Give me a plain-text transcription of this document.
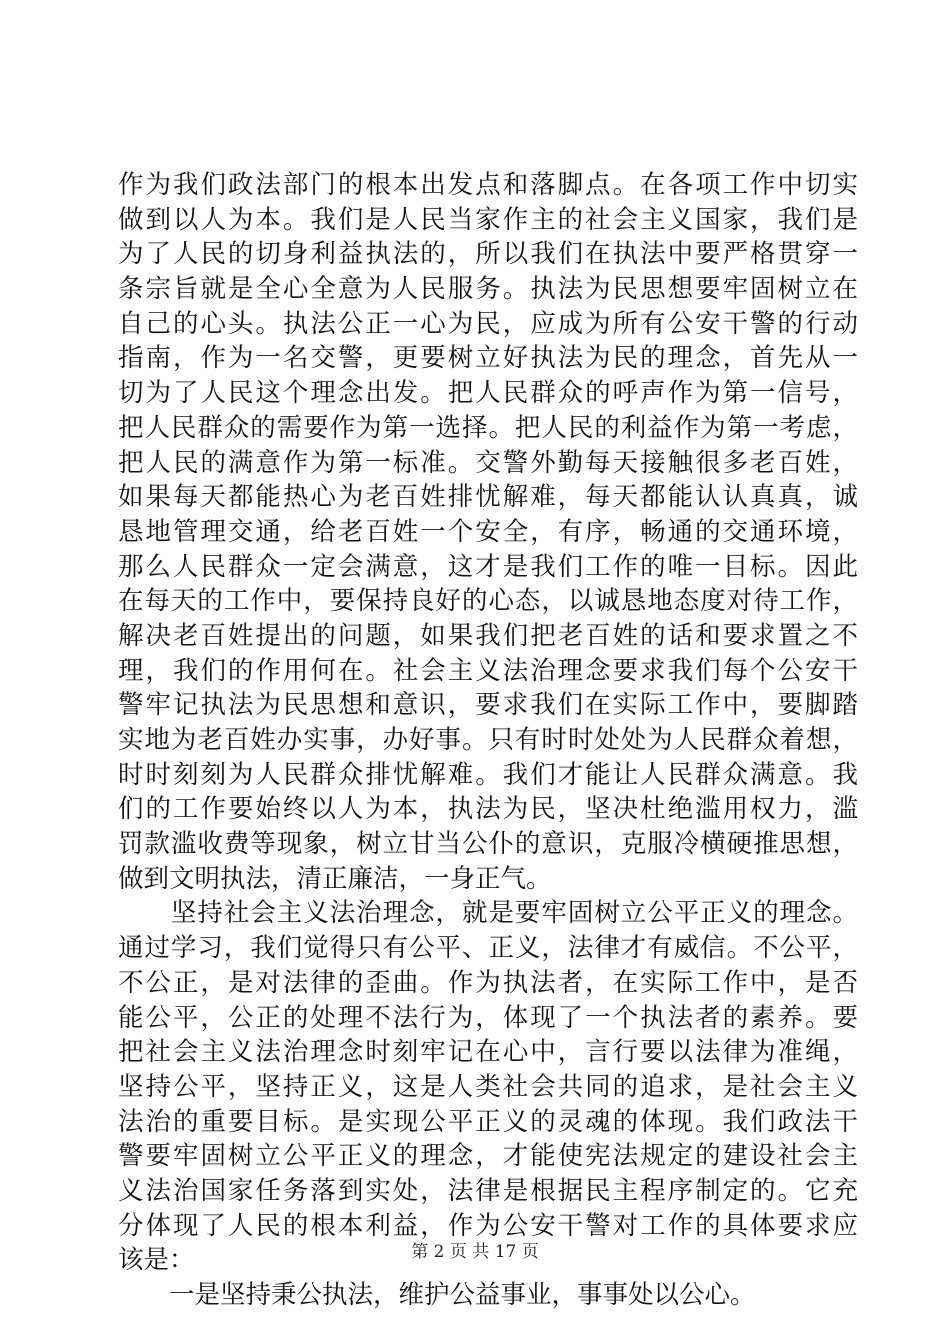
作为我们政法部门的根本出发点和落脚点。在各项工作中切实
做到以人为本。我们是人民当家作主的社会主义国家，我们是
为了人民的切身利益执法的，所以我们在执法中要严格贯穿一
条宗旨就是全心全意为人民服务。执法为民思想要牢固树立在
自己的心头。执法公正一心为民，应成为所有公安干警的行动
指南，作为一名交警，更要树立好执法为民的理念，首先从一
切为了人民这个理念出发。把人民群众的呼声作为第一信号，
把人民群众的需要作为第一选择。把人民的利益作为第一考虑，
把人民的满意作为第一标准。交警外勤每天接触很多老百姓，
如果每天都能热心为老百姓排忧解难，每天都能认认真真，诚
恳地管理交通，给老百姓一个安全，有序，畅通的交通环境，
那么人民群众一定会满意，这才是我们工作的唯一目标。因此
在每天的工作中，要保持良好的心态，以诚恳地态度对待工作，
解决老百姓提出的问题，如果我们把老百姓的话和要求置之不
理，我们的作用何在。社会主义法治理念要求我们每个公安干
警牢记执法为民思想和意识，要求我们在实际工作中，要脚踏
实地为老百姓办实事，办好事。只有时时处处为人民群众着想，
时时刻刻为人民群众排忧解难。我们才能让人民群众满意。我
们的工作要始终以人为本，执法为民，坚决杜绝滥用权力，滥
罚款滥收费等现象，树立甘当公仆的意识，克服冷横硬推思想，
做到文明执法，清正廉洁，一身正气。
　　坚持社会主义法治理念，就是要牢固树立公平正义的理念。
通过学习，我们觉得只有公平、正义，法律才有威信。不公平，
不公正，是对法律的歪曲。作为执法者，在实际工作中，是否
能公平，公正的处理不法行为，体现了一个执法者的素养。要
把社会主义法治理念时刻牢记在心中，言行要以法律为准绳，
坚持公平，坚持正义，这是人类社会共同的追求，是社会主义
法治的重要目标。是实现公平正义的灵魂的体现。我们政法干
警要牢固树立公平正义的理念，才能使宪法规定的建设社会主
义法治国家任务落到实处，法律是根据民主程序制定的。它充
分体现了人民的根本利益，作为公安干警对工作的具体要求应
该是：
　　一是坚持秉公执法，维护公益事业，事事处以公心。
第 2 页 共 17 页
